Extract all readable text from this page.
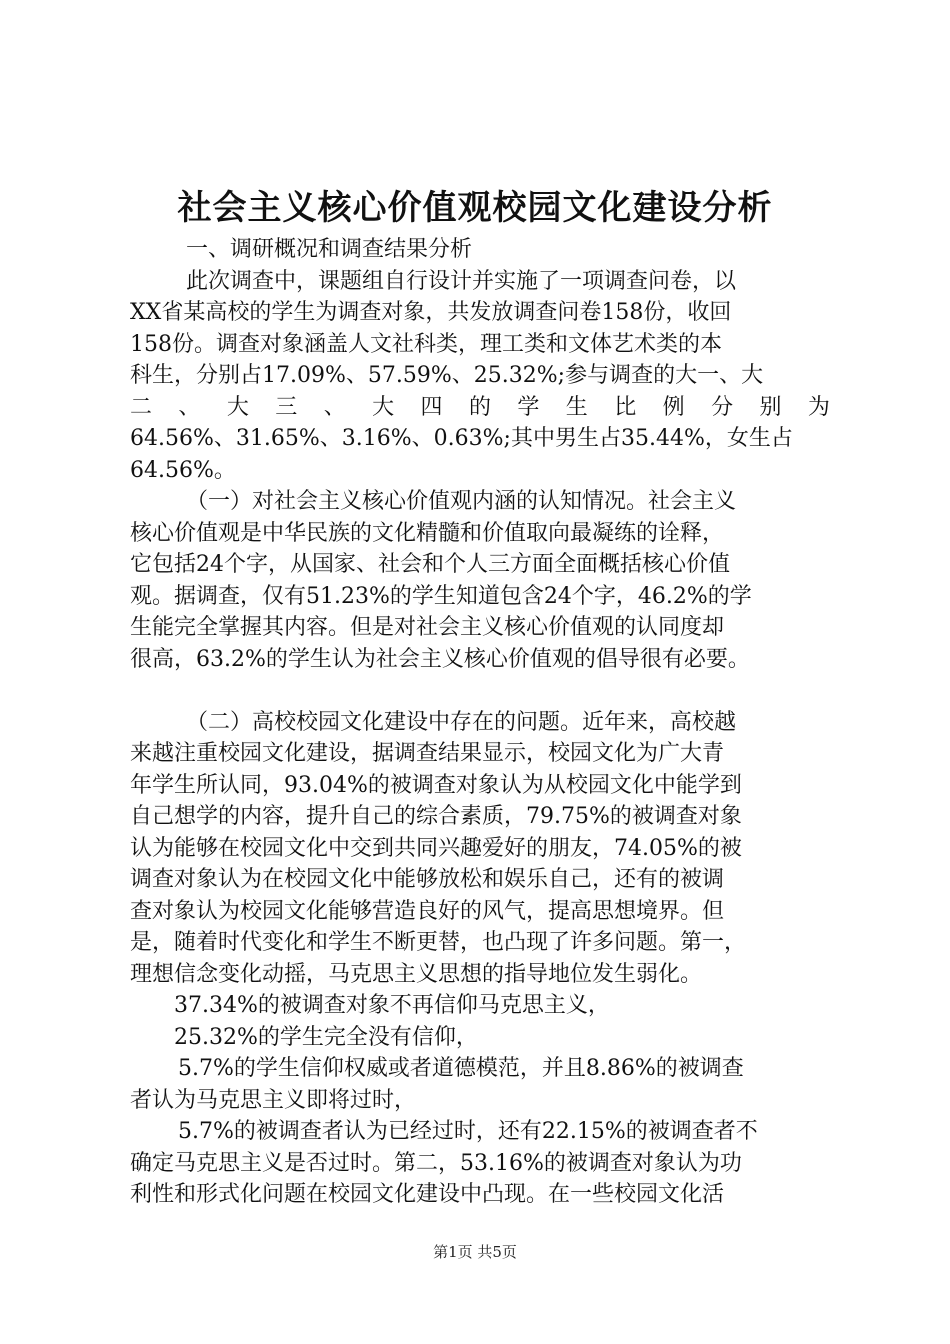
社会主义核心价值观校园文化建设分析
一、调研概况和调查结果分析
此次调查中，课题组自行设计并实施了一项调查问卷，以
XX省某高校的学生为调查对象，共发放调查问卷158份，收回
158份。调查对象涵盖人文社科类，理工类和文体艺术类的本
科生，分别占17.09%、57.59%、25.32%;参与调查的大一、大
二 、 大 三 、 大 四 的 学 生 比 例 分 别 为
64.56%、31.65%、3.16%、0.63%;其中男生占35.44%，女生占
64.56%。
（一）对社会主义核心价值观内涵的认知情况。社会主义
核心价值观是中华民族的文化精髓和价值取向最凝练的诠释，
它包括24个字，从国家、社会和个人三方面全面概括核心价值
观。据调查，仅有51.23%的学生知道包含24个字，46.2%的学
生能完全掌握其内容。但是对社会主义核心价值观的认同度却
很高，63.2%的学生认为社会主义核心价值观的倡导很有必要。
（二）高校校园文化建设中存在的问题。近年来，高校越
来越注重校园文化建设，据调查结果显示，校园文化为广大青
年学生所认同，93.04%的被调查对象认为从校园文化中能学到
自己想学的内容，提升自己的综合素质，79.75%的被调查对象
认为能够在校园文化中交到共同兴趣爱好的朋友，74.05%的被
调查对象认为在校园文化中能够放松和娱乐自己，还有的被调
查对象认为校园文化能够营造良好的风气，提高思想境界。但
是，随着时代变化和学生不断更替，也凸现了许多问题。第一，
理想信念变化动摇，马克思主义思想的指导地位发生弱化。
37.34%的被调查对象不再信仰马克思主义，
25.32%的学生完全没有信仰，
5.7%的学生信仰权威或者道德模范，并且8.86%的被调查
者认为马克思主义即将过时，
5.7%的被调查者认为已经过时，还有22.15%的被调查者不
确定马克思主义是否过时。第二，53.16%的被调查对象认为功
利性和形式化问题在校园文化建设中凸现。在一些校园文化活
第1页 共5页
